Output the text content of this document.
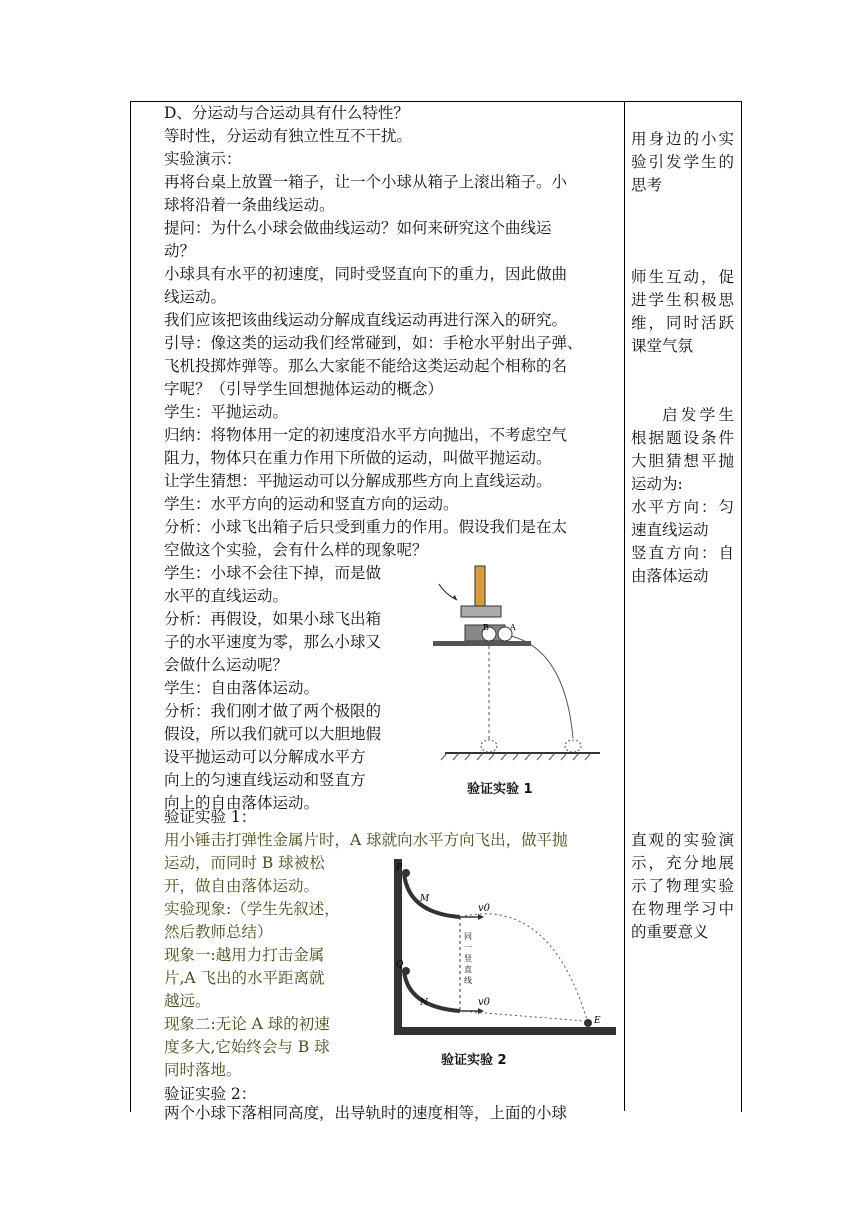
D、分运动与合运动具有什么特性？
等时性，分运动有独立性互不干扰。
实验演示：
再将台桌上放置一箱子，让一个小球从箱子上滚出箱子。小
球将沿着一条曲线运动。
提问：为什么小球会做曲线运动？如何来研究这个曲线运
动？
小球具有水平的初速度，同时受竖直向下的重力，因此做曲
线运动。
我们应该把该曲线运动分解成直线运动再进行深入的研究。
引导：像这类的运动我们经常碰到，如：手枪水平射出子弹、
飞机投掷炸弹等。那么大家能不能给这类运动起个相称的名
字呢？（引导学生回想抛体运动的概念）
学生：平抛运动。
归纳：将物体用一定的初速度沿水平方向抛出，不考虑空气
阻力，物体只在重力作用下所做的运动，叫做平抛运动。
让学生猜想：平抛运动可以分解成那些方向上直线运动。
学生：水平方向的运动和竖直方向的运动。
分析：小球飞出箱子后只受到重力的作用。假设我们是在太
空做这个实验，会有什么样的现象呢？
学生：小球不会往下掉，而是做
水平的直线运动。
分析：再假设，如果小球飞出箱
子的水平速度为零，那么小球又
会做什么运动呢？
学生：自由落体运动。
分析：我们刚才做了两个极限的
假设，所以我们就可以大胆地假
设平抛运动可以分解成水平方
向上的匀速直线运动和竖直方
向上的自由落体运动。
验证实验 1：
用小锤击打弹性金属片时，A 球就向水平方向飞出，做平抛
运动，而同时 B 球被松
开，做自由落体运动。
实验现象:（学生先叙述，
然后教师总结）
现象一:越用力打击金属
片,A 飞出的水平距离就
越远。
现象二:无论 A 球的初速
度多大,它始终会与 B 球
同时落地。
验证实验 2：
两个小球下落相同高度，出导轨时的速度相等，上面的小球
用身边的小实验引发学生的思考
师生互动，促进学生积极思维，同时活跃课堂气氛
启发学生根据题设条件大胆猜想平抛运动为:
水平方向：匀速直线运动
竖直方向：自由落体运动
直观的实验演示，充分地展示了物理实验在物理学习中的重要意义
B	A
验证实验 1
P
M
Q
N
E
v0
v0
同
一
竖
直
线
验证实验 2
